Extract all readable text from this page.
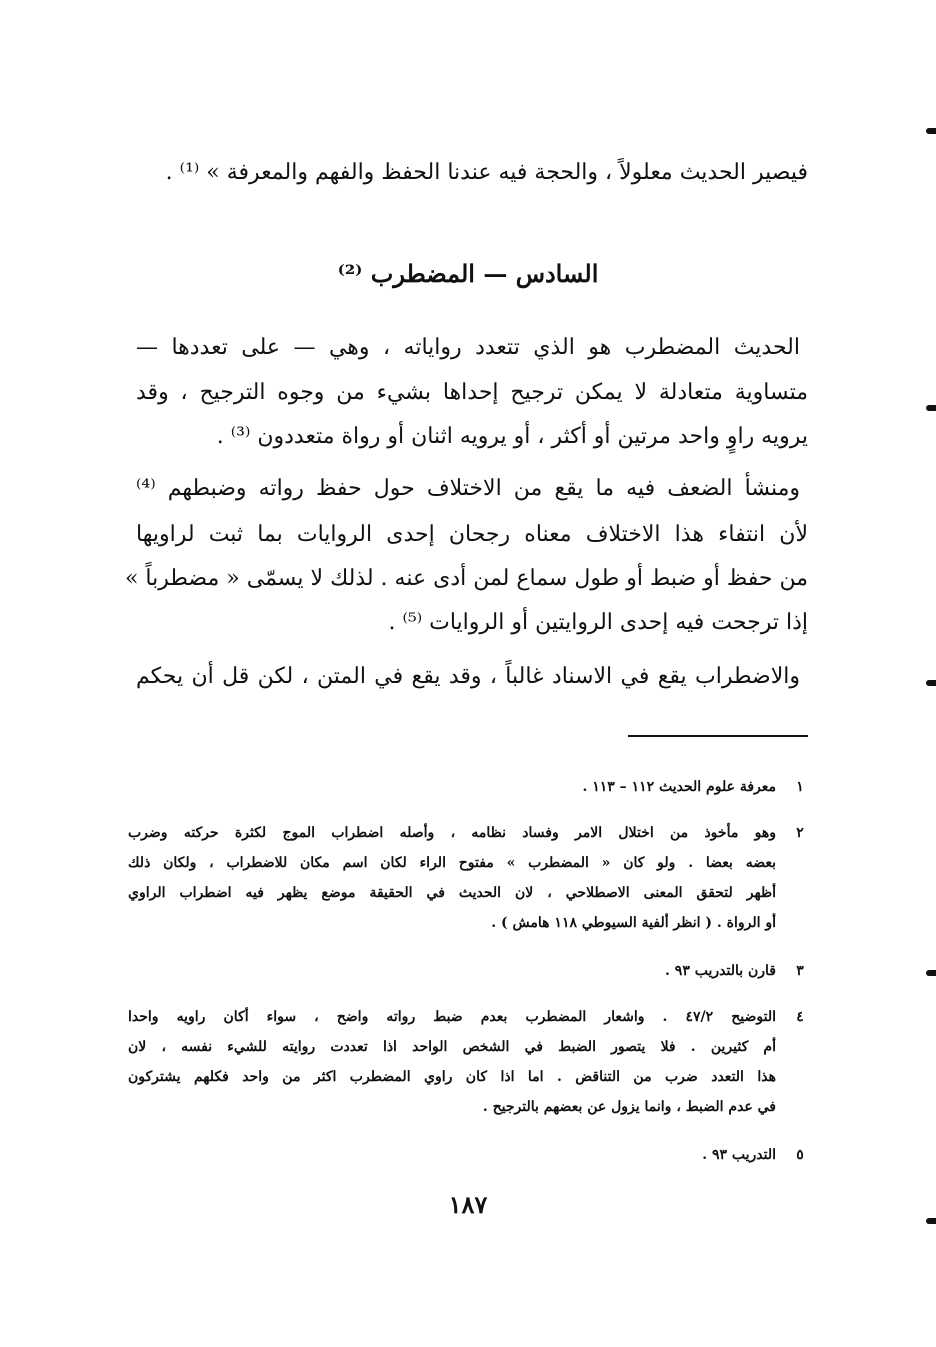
فيصير الحديث معلولاً ، والحجة فيه عندنا الحفظ والفهم والمعرفة » ⁽¹⁾ .
السادس — المضطرب ⁽²⁾
الحديث المضطرب هو الذي تتعدد رواياته ، وهي — على تعددها —
متساوية متعادلة لا يمكن ترجيح إحداها بشيء من وجوه الترجيح ، وقد
يرويه راوٍ واحد مرتين أو أكثر ، أو يرويه اثنان أو رواة متعددون ⁽³⁾ .
ومنشأ الضعف فيه ما يقع من الاختلاف حول حفظ رواته وضبطهم ⁽⁴⁾
لأن انتفاء هذا الاختلاف معناه رجحان إحدى الروايات بما ثبت لراويها
من حفظ أو ضبط أو طول سماع لمن أدى عنه . لذلك لا يسمّى « مضطرباً »
إذا ترجحت فيه إحدى الروايتين أو الروايات ⁽⁵⁾ .
والاضطراب يقع في الاسناد غالباً ، وقد يقع في المتن ، لكن قل أن يحكم
١
معرفة علوم الحديث ١١٢ – ١١٣ .
٢
وهو مأخوذ من اختلال الامر وفساد نظامه ، وأصله اضطراب الموج لكثرة حركته وضرب
بعضه بعضا . ولو كان « المضطرب » مفتوح الراء لكان اسم مكان للاضطراب ، ولكان ذلك
أظهر لتحقق المعنى الاصطلاحي ، لان الحديث في الحقيقة موضع يظهر فيه اضطراب الراوي
أو الرواة . ( انظر ألفية السيوطي ١١٨ هامش ) .
٣
قارن بالتدريب ٩٣ .
٤
التوضيح ٤٧/٢ . واشعار المضطرب بعدم ضبط رواته واضح ، سواء أكان راويه واحدا
أم كثيرين . فلا يتصور الضبط في الشخص الواحد اذا تعددت روايته للشيء نفسه ، لان
هذا التعدد ضرب من التناقض . اما اذا كان راوي المضطرب اكثر من واحد فكلهم يشتركون
في عدم الضبط ، وانما يزول عن بعضهم بالترجيح .
٥
التدريب ٩٣ .
١٨٧
